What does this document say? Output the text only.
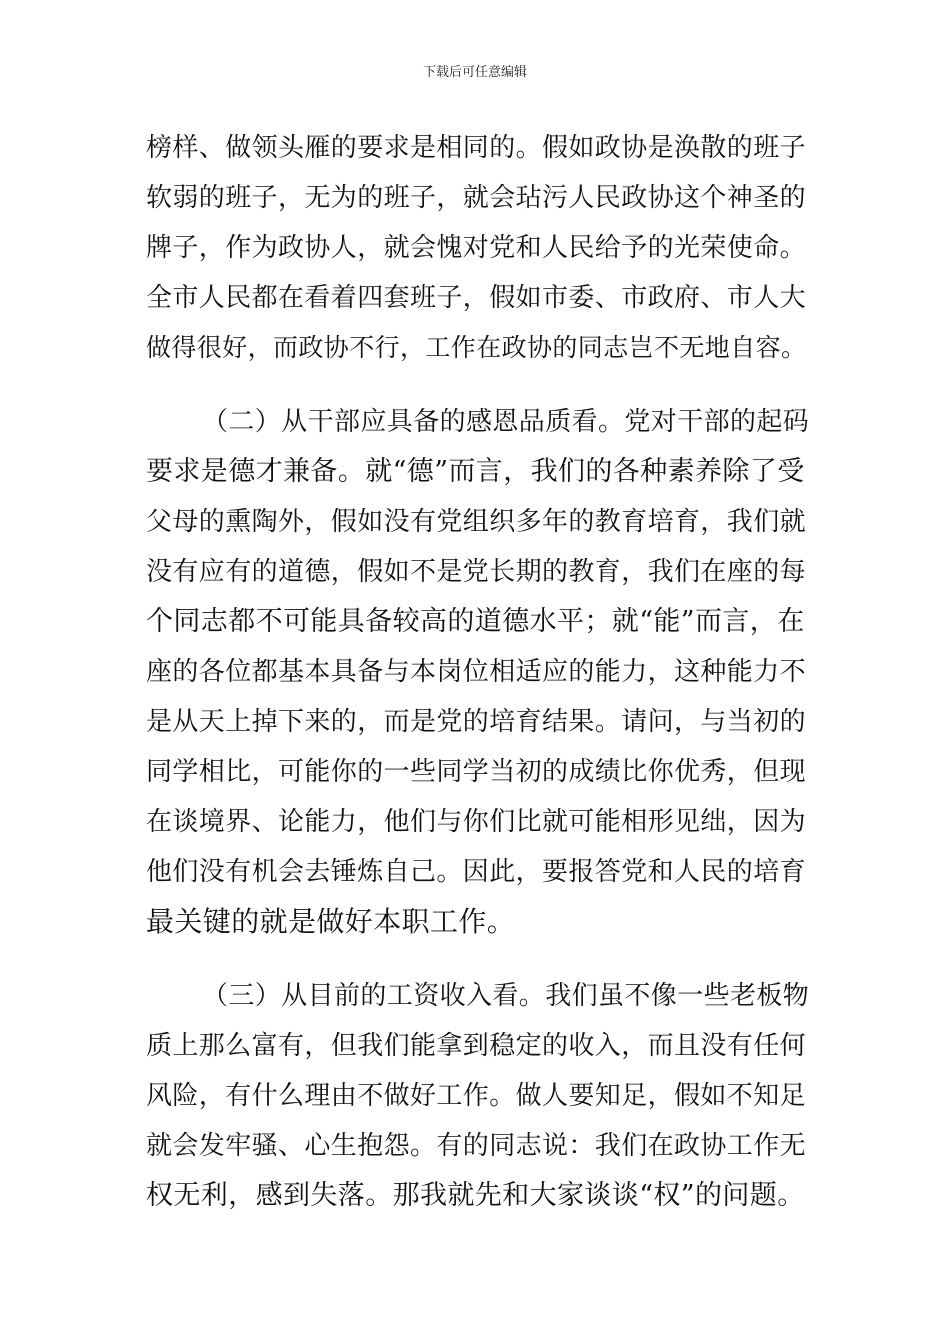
下载后可任意编辑
榜样、做领头雁的要求是相同的。假如政协是涣散的班子
软弱的班子，无为的班子，就会玷污人民政协这个神圣的
牌子，作为政协人，就会愧对党和人民给予的光荣使命。
全市人民都在看着四套班子，假如市委、市政府、市人大
做得很好，而政协不行，工作在政协的同志岂不无地自容。
（二）从干部应具备的感恩品质看。党对干部的起码
要求是德才兼备。就“德”而言，我们的各种素养除了受
父母的熏陶外，假如没有党组织多年的教育培育，我们就
没有应有的道德，假如不是党长期的教育，我们在座的每
个同志都不可能具备较高的道德水平；就“能”而言，在
座的各位都基本具备与本岗位相适应的能力，这种能力不
是从天上掉下来的，而是党的培育结果。请问，与当初的
同学相比，可能你的一些同学当初的成绩比你优秀，但现
在谈境界、论能力，他们与你们比就可能相形见绌，因为
他们没有机会去锤炼自己。因此，要报答党和人民的培育
最关键的就是做好本职工作。
（三）从目前的工资收入看。我们虽不像一些老板物
质上那么富有，但我们能拿到稳定的收入，而且没有任何
风险，有什么理由不做好工作。做人要知足，假如不知足
就会发牢骚、心生抱怨。有的同志说：我们在政协工作无
权无利，感到失落。那我就先和大家谈谈“权”的问题。
